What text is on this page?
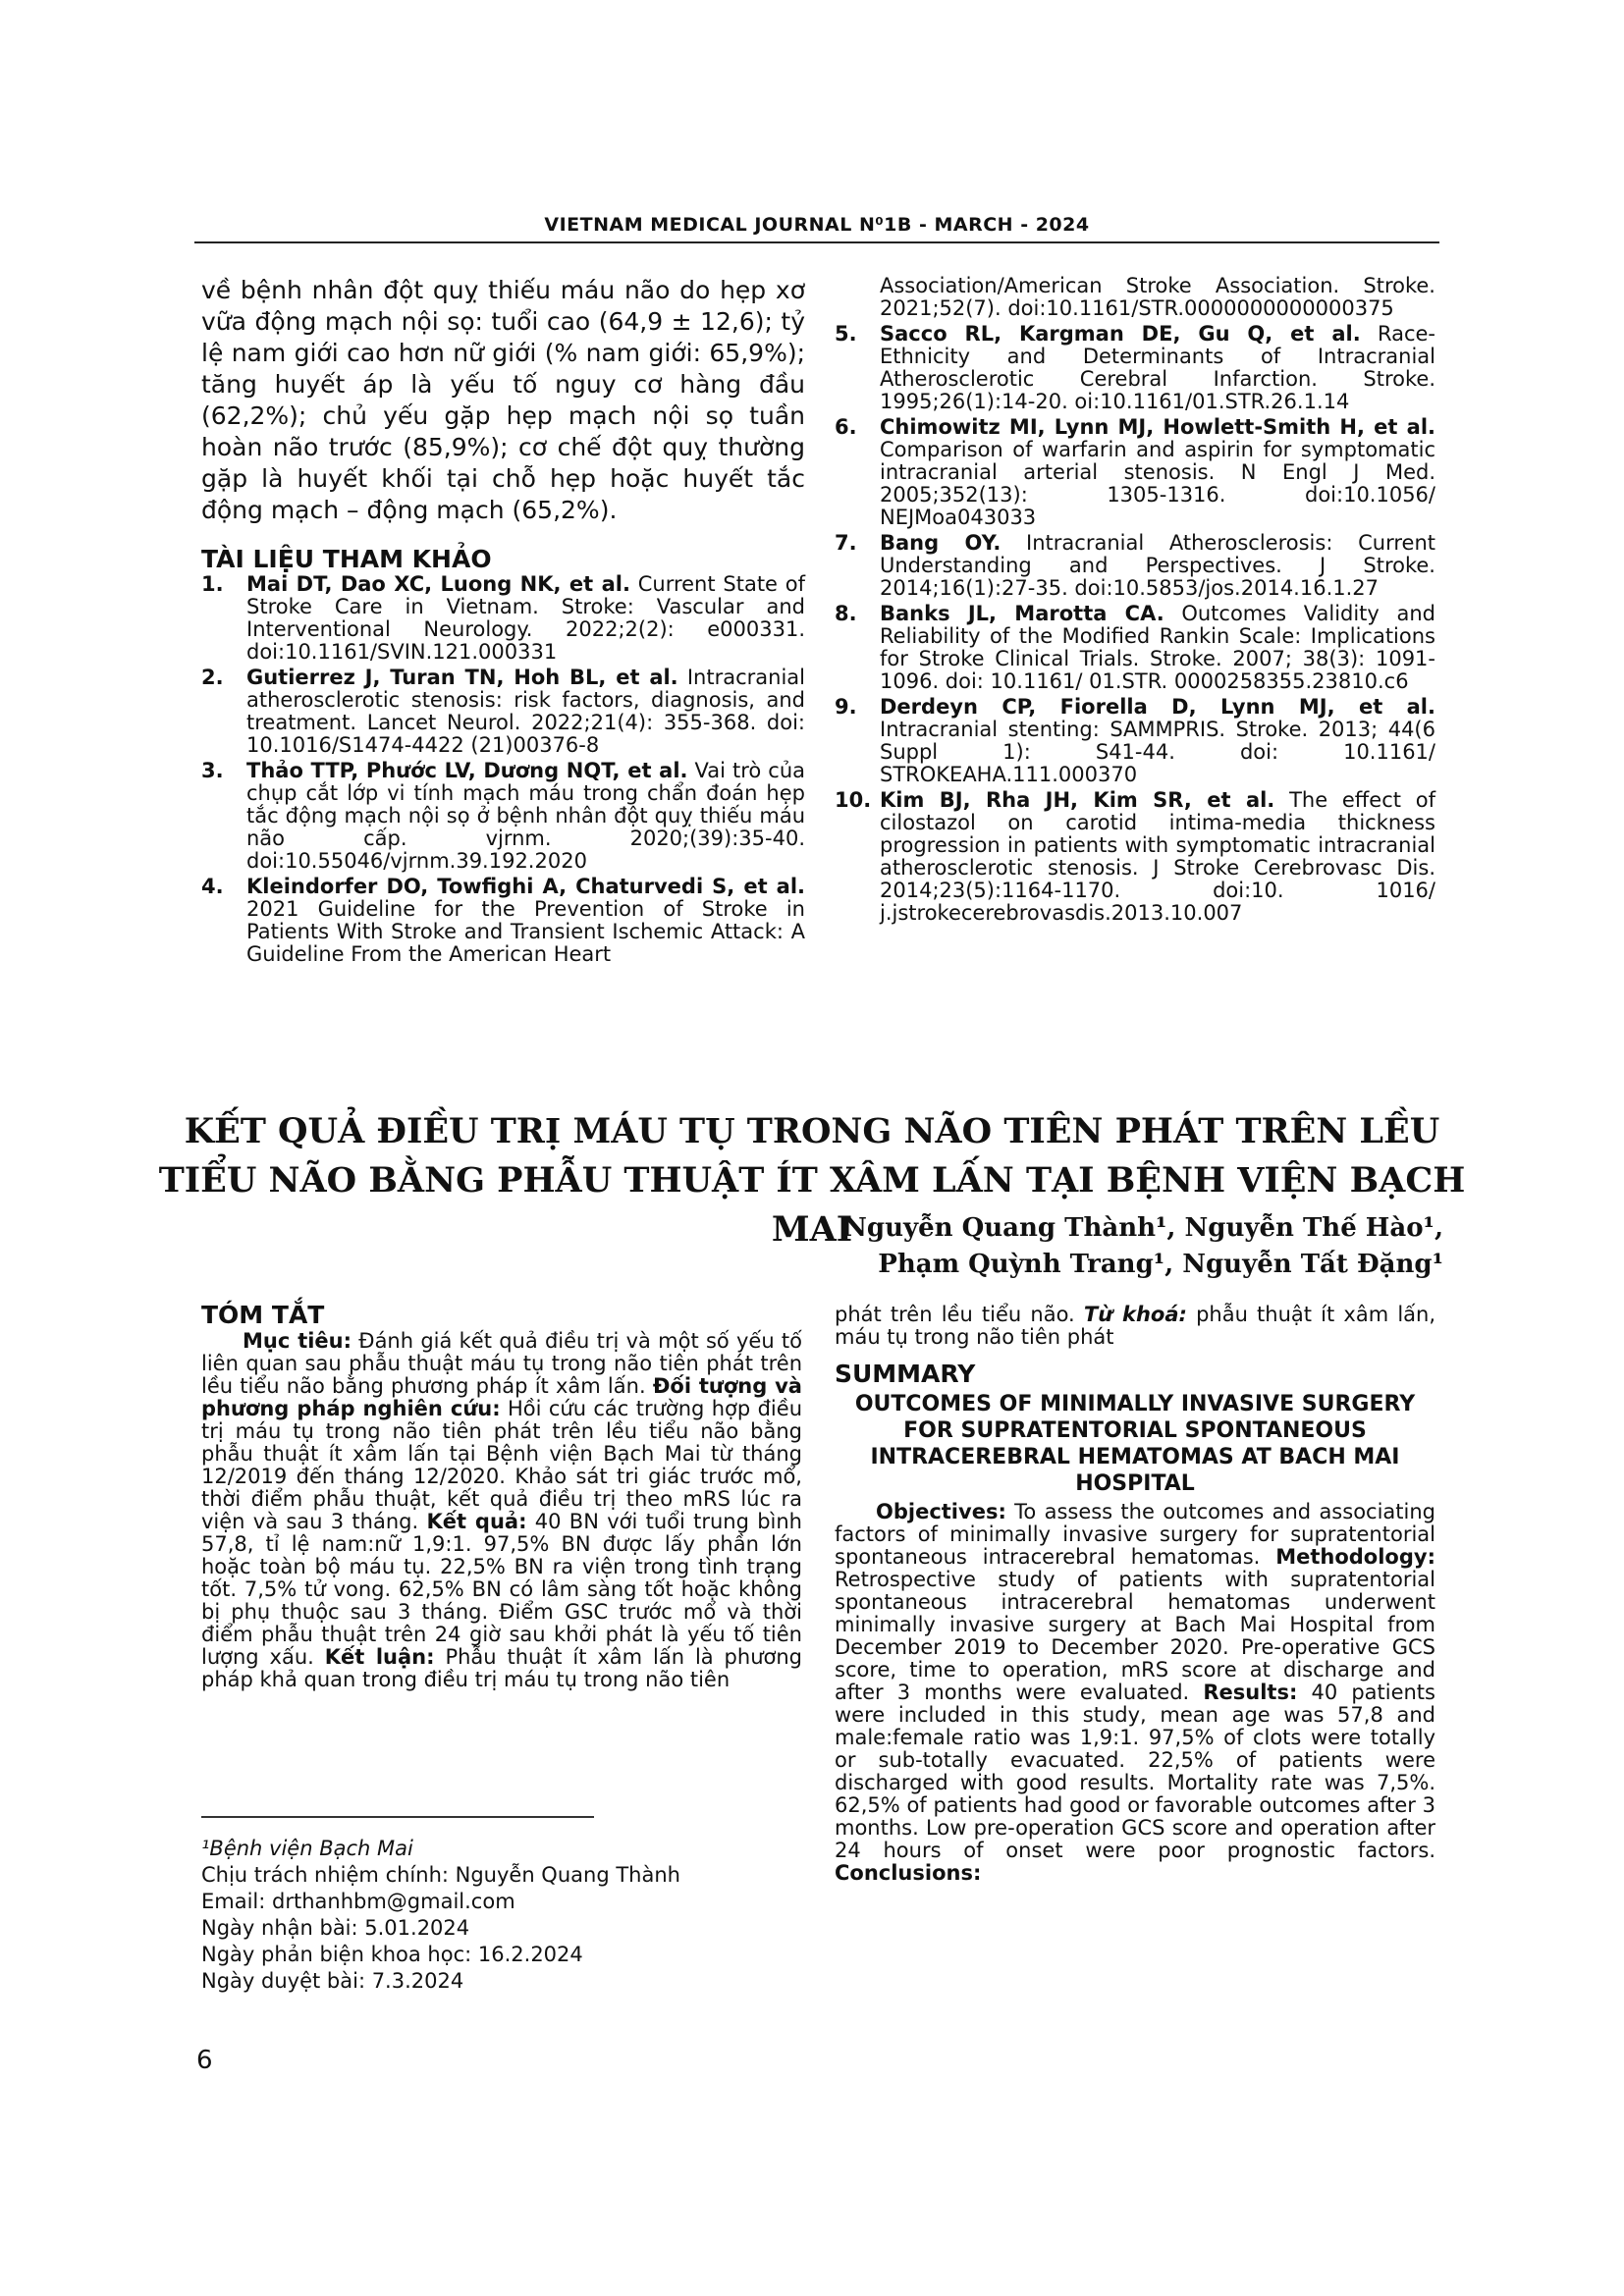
VIETNAM MEDICAL JOURNAL N⁰1B - MARCH - 2024

về bệnh nhân đột quỵ thiếu máu não do hẹp xơ vữa động mạch nội sọ: tuổi cao (64,9 ± 12,6); tỷ lệ nam giới cao hơn nữ giới (% nam giới: 65,9%); tăng huyết áp là yếu tố nguy cơ hàng đầu (62,2%); chủ yếu gặp hẹp mạch nội sọ tuần hoàn não trước (85,9%); cơ chế đột quỵ thường gặp là huyết khối tại chỗ hẹp hoặc huyết tắc động mạch – động mạch (65,2%).

TÀI LIỆU THAM KHẢO
1.	Mai DT, Dao XC, Luong NK, et al. Current State of Stroke Care in Vietnam. Stroke: Vascular and Interventional Neurology. 2022;2(2): e000331. doi:10.1161/SVIN.121.000331
2.	Gutierrez J, Turan TN, Hoh BL, et al. Intracranial atherosclerotic stenosis: risk factors, diagnosis, and treatment. Lancet Neurol. 2022;21(4): 355-368. doi: 10.1016/S1474-4422 (21)00376-8
3.	Thảo TTP, Phước LV, Dương NQT, et al. Vai trò của chụp cắt lớp vi tính mạch máu trong chẩn đoán hẹp tắc động mạch nội sọ ở bệnh nhân đột quỵ thiếu máu não cấp. vjrnm. 2020;(39):35-40. doi:10.55046/vjrnm.39.192.2020
4.	Kleindorfer DO, Towfighi A, Chaturvedi S, et al. 2021 Guideline for the Prevention of Stroke in Patients With Stroke and Transient Ischemic Attack: A Guideline From the American Heart
Association/American Stroke Association. Stroke. 2021;52(7). doi:10.1161/STR.0000000000000375
5.	Sacco RL, Kargman DE, Gu Q, et al. Race-Ethnicity and Determinants of Intracranial Atherosclerotic Cerebral Infarction. Stroke. 1995;26(1):14-20. oi:10.1161/01.STR.26.1.14
6.	Chimowitz MI, Lynn MJ, Howlett-Smith H, et al. Comparison of warfarin and aspirin for symptomatic intracranial arterial stenosis. N Engl J Med. 2005;352(13): 1305-1316. doi:10.1056/ NEJMoa043033
7.	Bang OY. Intracranial Atherosclerosis: Current Understanding and Perspectives. J Stroke. 2014;16(1):27-35. doi:10.5853/jos.2014.16.1.27
8.	Banks JL, Marotta CA. Outcomes Validity and Reliability of the Modified Rankin Scale: Implications for Stroke Clinical Trials. Stroke. 2007; 38(3): 1091-1096. doi: 10.1161/ 01.STR. 0000258355.23810.c6
9.	Derdeyn CP, Fiorella D, Lynn MJ, et al. Intracranial stenting: SAMMPRIS. Stroke. 2013; 44(6 Suppl 1): S41-44. doi: 10.1161/ STROKEAHA.111.000370
10. Kim BJ, Rha JH, Kim SR, et al. The effect of cilostazol on carotid intima-media thickness progression in patients with symptomatic intracranial atherosclerotic stenosis. J Stroke Cerebrovasc Dis. 2014;23(5):1164-1170. doi:10. 1016/ j.jstrokecerebrovasdis.2013.10.007
KẾT QUẢ ĐIỀU TRỊ MÁU TỤ TRONG NÃO TIÊN PHÁT TRÊN LỀU
TIỂU NÃO BẰNG PHẪU THUẬT ÍT XÂM LẤN TẠI BỆNH VIỆN BẠCH MAI
Nguyễn Quang Thành¹, Nguyễn Thế Hào¹,
Phạm Quỳnh Trang¹, Nguyễn Tất Đặng¹
TÓM TẮT

Mục tiêu: Đánh giá kết quả điều trị và một số yếu tố liên quan sau phẫu thuật máu tụ trong não tiên phát trên lều tiểu não bằng phương pháp ít xâm lấn. Đối tượng và phương pháp nghiên cứu: Hồi cứu các trường hợp điều trị máu tụ trong não tiên phát trên lều tiểu não bằng phẫu thuật ít xâm lấn tại Bệnh viện Bạch Mai từ tháng 12/2019 đến tháng 12/2020. Khảo sát tri giác trước mổ, thời điểm phẫu thuật, kết quả điều trị theo mRS lúc ra viện và sau 3 tháng. Kết quả: 40 BN với tuổi trung bình 57,8, tỉ lệ nam:nữ 1,9:1. 97,5% BN được lấy phần lớn hoặc toàn bộ máu tụ. 22,5% BN ra viện trong tình trạng tốt. 7,5% tử vong. 62,5% BN có lâm sàng tốt hoặc không bị phụ thuộc sau 3 tháng. Điểm GSC trước mổ và thời điểm phẫu thuật trên 24 giờ sau khởi phát là yếu tố tiên lượng xấu. Kết luận: Phẫu thuật ít xâm lấn là phương pháp khả quan trong điều trị máu tụ trong não tiên

¹Bệnh viện Bạch Mai
Chịu trách nhiệm chính: Nguyễn Quang Thành
Email: drthanhbm@gmail.com
Ngày nhận bài: 5.01.2024
Ngày phản biện khoa học: 16.2.2024
Ngày duyệt bài: 7.3.2024

phát trên lều tiểu não. Từ khoá: phẫu thuật ít xâm lấn, máu tụ trong não tiên phát

SUMMARY
OUTCOMES OF MINIMALLY INVASIVE SURGERY FOR SUPRATENTORIAL SPONTANEOUS INTRACEREBRAL HEMATOMAS AT BACH MAI HOSPITAL

Objectives: To assess the outcomes and associating factors of minimally invasive surgery for supratentorial spontaneous intracerebral hematomas. Methodology: Retrospective study of patients with supratentorial spontaneous intracerebral hematomas underwent minimally invasive surgery at Bach Mai Hospital from December 2019 to December 2020. Pre-operative GCS score, time to operation, mRS score at discharge and after 3 months were evaluated. Results: 40 patients were included in this study, mean age was 57,8 and male:female ratio was 1,9:1. 97,5% of clots were totally or sub-totally evacuated. 22,5% of patients were discharged with good results. Mortality rate was 7,5%. 62,5% of patients had good or favorable outcomes after 3 months. Low pre-operation GCS score and operation after 24 hours of onset were poor prognostic factors. Conclusions:

6
